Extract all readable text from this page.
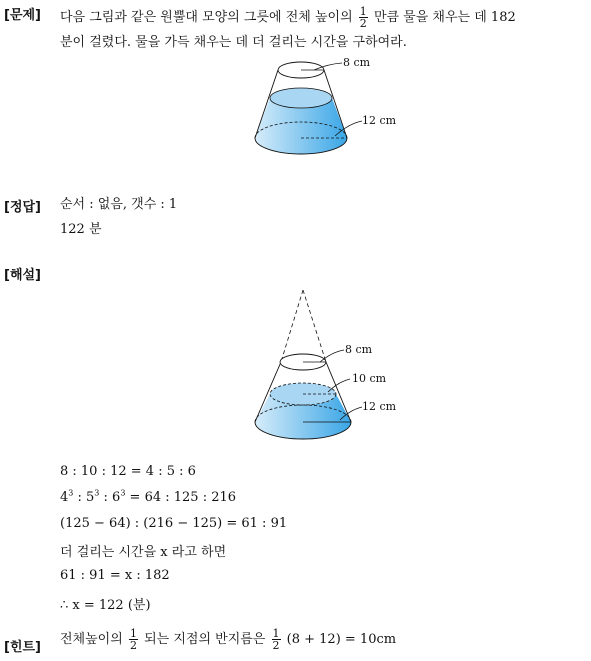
[문제] 다음 그림과 같은 원뿔대 모양의 그릇에 전체 높이의 $\frac{1}{2}$ 만큼 물을 채우는 데 182
분이 걸렸다. 물을 가득 채우는 데 더 걸리는 시간을 구하여라.
8 cm
12 cm
[정답] 순서 : 없음, 갯수 : 1
122 분
[해설]
8 cm
10 cm
12 cm
8 : 10 : 12 = 4 : 5 : 6
$4^3$ : $5^3$ : $6^3 = 64$ : 125 : 216
(125 − 64) : (216 − 125) = 61 : 91
더 걸리는 시간을 x 라고 하면
61 : 91 = x : 182
∴ x = 122 (분)
[힌트]
전체높이의 $\frac{1}{2}$ 되는 지점의 반지름은 $\frac{1}{2} (8 + 12) = 10cm$
